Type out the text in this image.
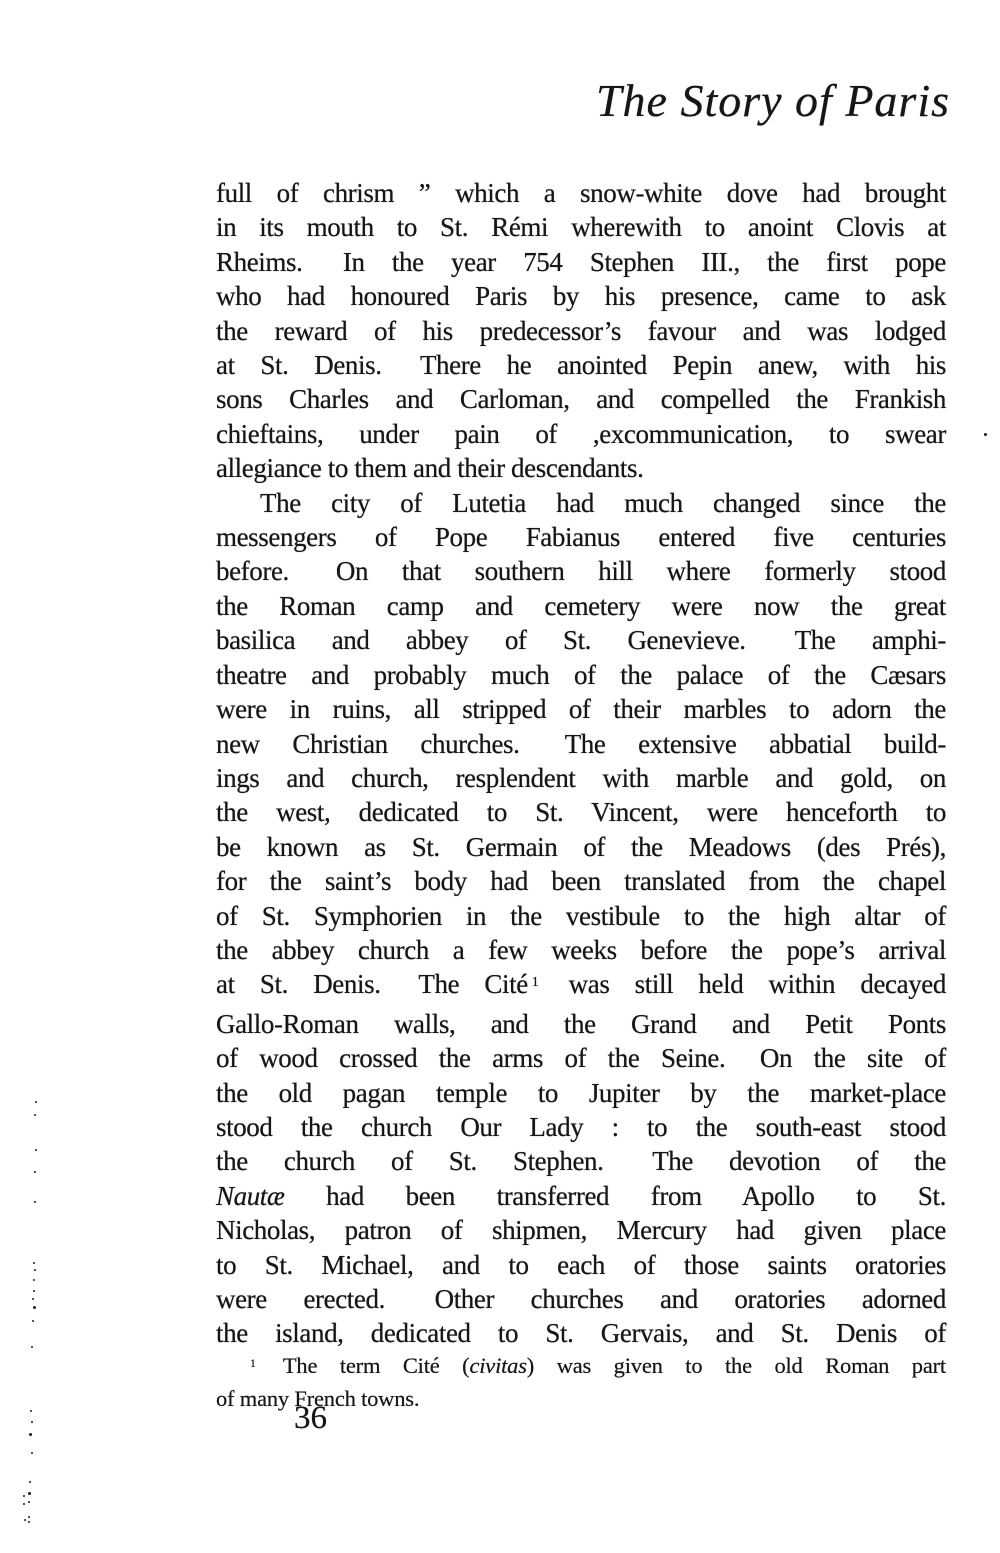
The Story of Paris
full of chrism ” which a snow-white dove had brought
in its mouth to St. Rémi wherewith to anoint Clovis at
Rheims.  In the year 754 Stephen III., the first pope
who had honoured Paris by his presence, came to ask
the reward of his predecessor’s favour and was lodged
at St. Denis.  There he anointed Pepin anew, with his
sons Charles and Carloman, and compelled the Frankish
chieftains, under pain of ,excommunication, to swear
allegiance to them and their descendants.
The city of Lutetia had much changed since the
messengers of Pope Fabianus entered five centuries
before.  On that southern hill where formerly stood
the Roman camp and cemetery were now the great
basilica and abbey of St. Genevieve.  The amphi-
theatre and probably much of the palace of the Cæsars
were in ruins, all stripped of their marbles to adorn the
new Christian churches.  The extensive abbatial build-
ings and church, resplendent with marble and gold, on
the west, dedicated to St. Vincent, were henceforth to
be known as St. Germain of the Meadows (des Prés),
for the saint’s body had been translated from the chapel
of St. Symphorien in the vestibule to the high altar of
the abbey church a few weeks before the pope’s arrival
at St. Denis.  The Cité $^1$ was still held within decayed
Gallo-Roman walls, and the Grand and Petit Ponts
of wood crossed the arms of the Seine.  On the site of
the old pagan temple to Jupiter by the market-place
stood the church Our Lady : to the south-east stood
the church of St. Stephen.  The devotion of the
Nautæ had been transferred from Apollo to St.
Nicholas, patron of shipmen, Mercury had given place
to St. Michael, and to each of those saints oratories
were erected.  Other churches and oratories adorned
the island, dedicated to St. Gervais, and St. Denis of
$^1$ The term Cité (civitas) was given to the old Roman part
of many French towns.
36
